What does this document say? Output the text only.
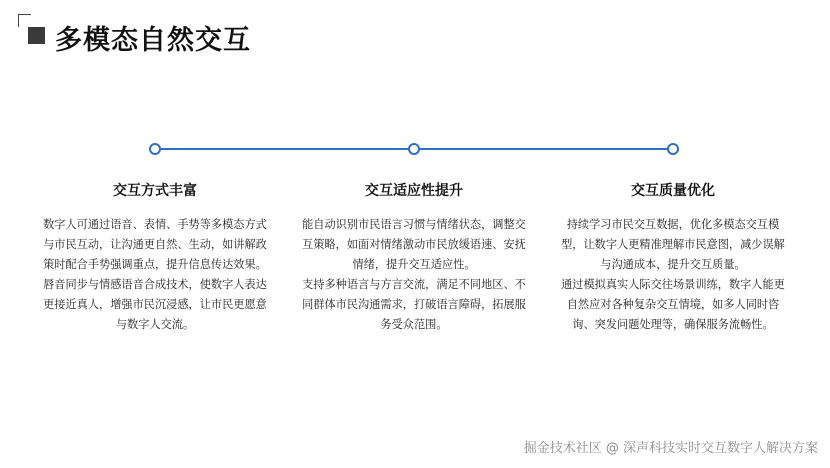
多模态自然交互
交互方式丰富

数字人可通过语音、表情、手势等多模态方式与市民互动，让沟通更自然、生动，如讲解政策时配合手势强调重点，提升信息传达效果。

唇音同步与情感语音合成技术，使数字人表达更接近真人，增强市民沉浸感，让市民更愿意与数字人交流。

交互适应性提升

能自动识别市民语言习惯与情绪状态，调整交互策略，如面对情绪激动市民放缓语速、安抚情绪，提升交互适应性。

支持多种语言与方言交流，满足不同地区、不同群体市民沟通需求，打破语言障碍，拓展服务受众范围。

交互质量优化

持续学习市民交互数据，优化多模态交互模型，让数字人更精准理解市民意图，减少误解与沟通成本，提升交互质量。

通过模拟真实人际交往场景训练，数字人能更自然应对各种复杂交互情境，如多人同时咨询、突发问题处理等，确保服务流畅性。

掘金技术社区 @ 深声科技实时交互数字人解决方案
